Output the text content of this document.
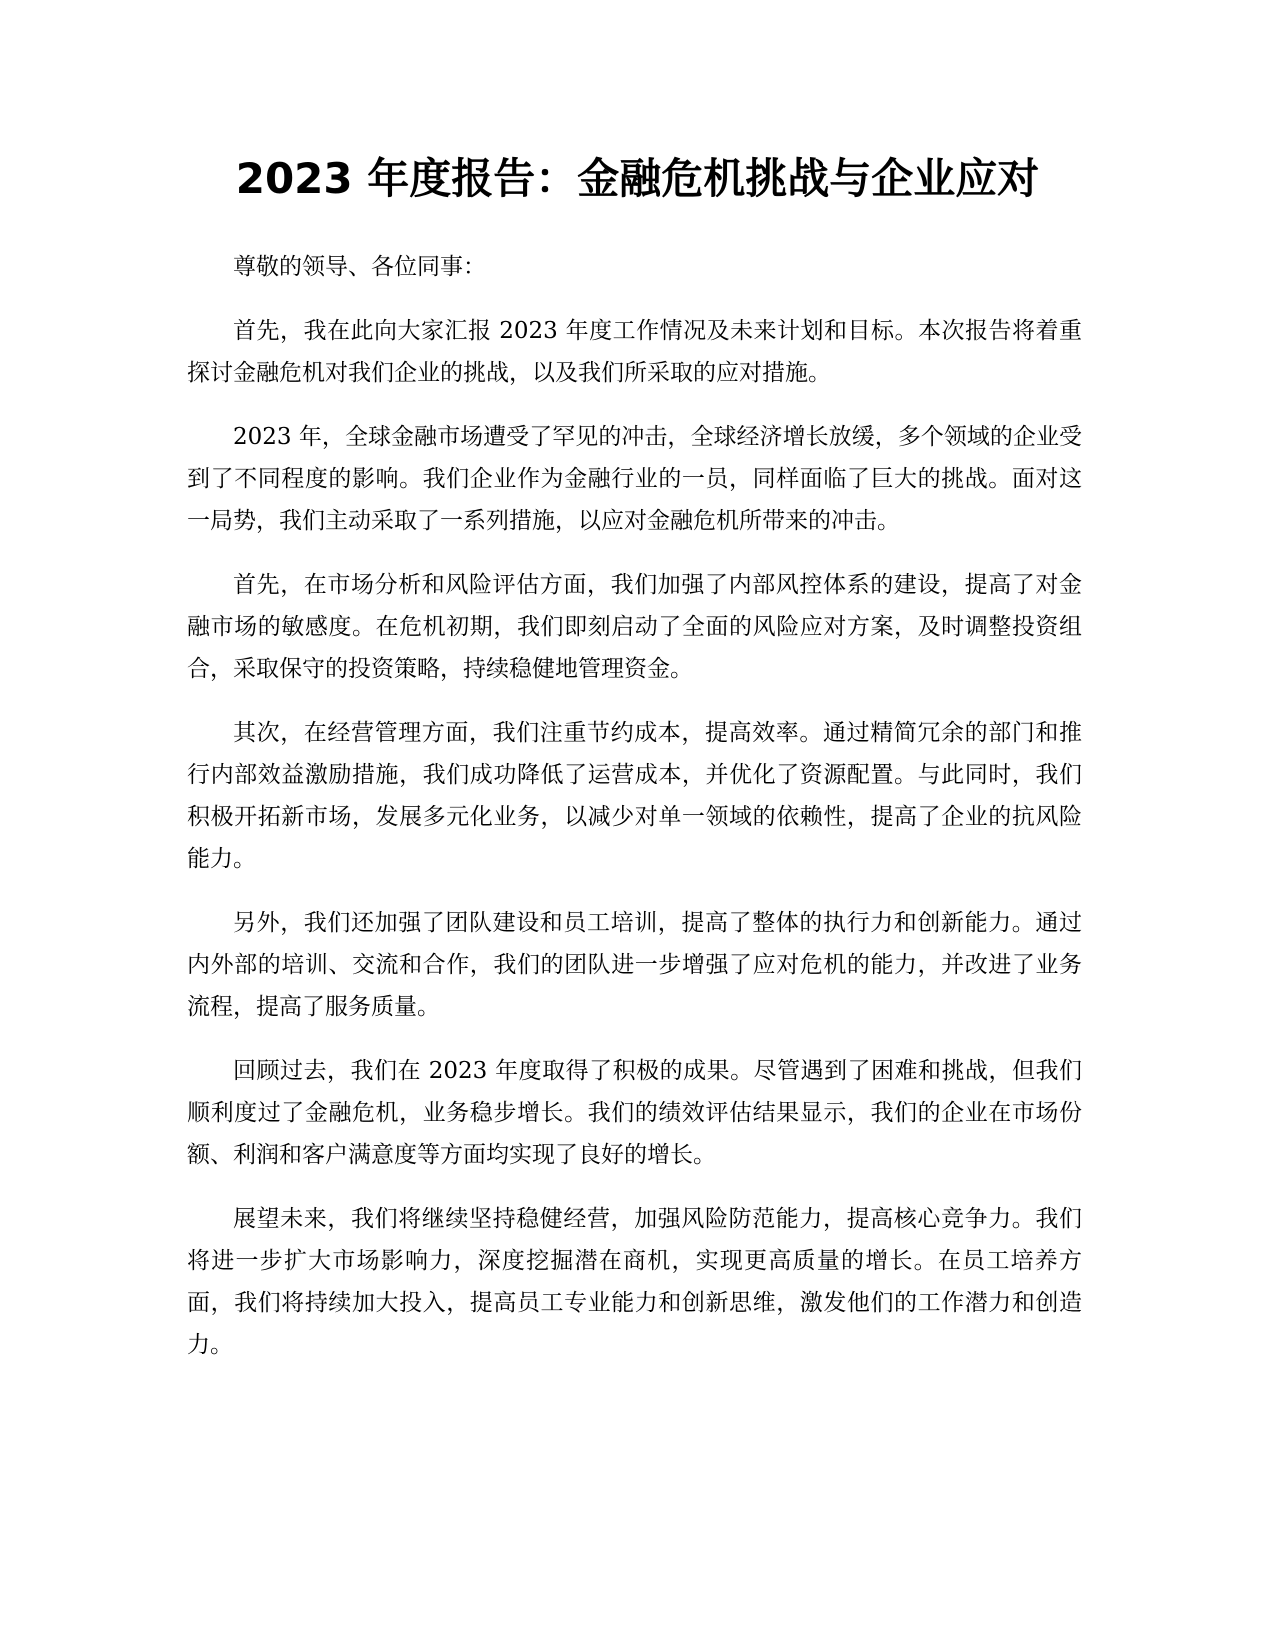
2023 年度报告：金融危机挑战与企业应对

尊敬的领导、各位同事：

首先，我在此向大家汇报 2023 年度工作情况及未来计划和目标。本次报告将着重探讨金融危机对我们企业的挑战，以及我们所采取的应对措施。

2023 年，全球金融市场遭受了罕见的冲击，全球经济增长放缓，多个领域的企业受到了不同程度的影响。我们企业作为金融行业的一员，同样面临了巨大的挑战。面对这一局势，我们主动采取了一系列措施，以应对金融危机所带来的冲击。

首先，在市场分析和风险评估方面，我们加强了内部风控体系的建设，提高了对金融市场的敏感度。在危机初期，我们即刻启动了全面的风险应对方案，及时调整投资组合，采取保守的投资策略，持续稳健地管理资金。

其次，在经营管理方面，我们注重节约成本，提高效率。通过精简冗余的部门和推行内部效益激励措施，我们成功降低了运营成本，并优化了资源配置。与此同时，我们积极开拓新市场，发展多元化业务，以减少对单一领域的依赖性，提高了企业的抗风险能力。

另外，我们还加强了团队建设和员工培训，提高了整体的执行力和创新能力。通过内外部的培训、交流和合作，我们的团队进一步增强了应对危机的能力，并改进了业务流程，提高了服务质量。

回顾过去，我们在 2023 年度取得了积极的成果。尽管遇到了困难和挑战，但我们顺利度过了金融危机，业务稳步增长。我们的绩效评估结果显示，我们的企业在市场份额、利润和客户满意度等方面均实现了良好的增长。

展望未来，我们将继续坚持稳健经营，加强风险防范能力，提高核心竞争力。我们将进一步扩大市场影响力，深度挖掘潜在商机，实现更高质量的增长。在员工培养方面，我们将持续加大投入，提高员工专业能力和创新思维，激发他们的工作潜力和创造力。
